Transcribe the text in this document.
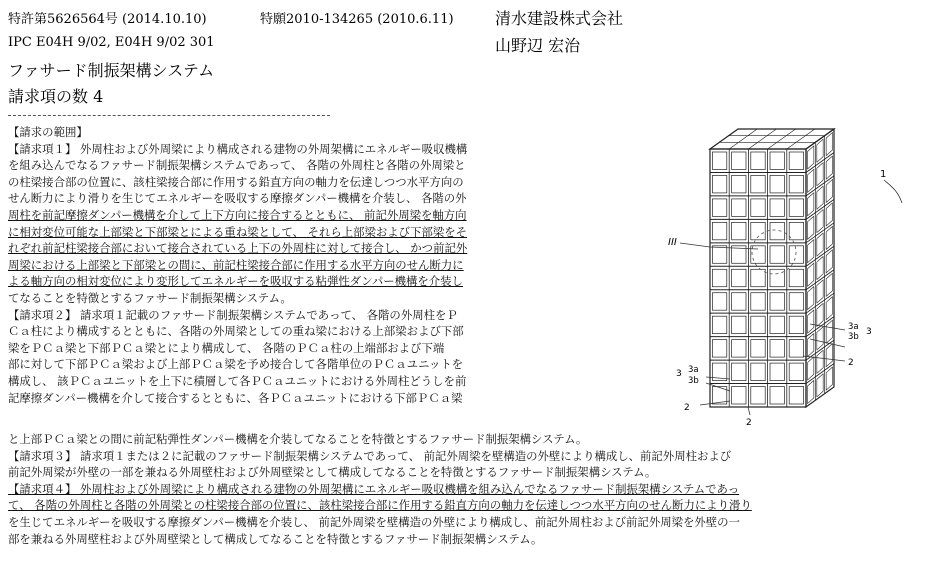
特許第5626564号 (2014.10.10)	特願2010-134265 (2010.6.11)	清水建設株式会社
IPC E04H 9/02, E04H 9/02 301	山野辺 宏治
ファサード制振架構システム
請求項の数 4
【請求の範囲】
【請求項１】 外周柱および外周梁により構成される建物の外周架構にエネルギー吸収機構
を組み込んでなるファサード制振架構システムであって、 各階の外周柱と各階の外周梁と
の柱梁接合部の位置に、該柱梁接合部に作用する鉛直方向の軸力を伝達しつつ水平方向の
せん断力により滑りを生じてエネルギーを吸収する摩擦ダンパー機構を介装し、 各階の外
周柱を前記摩擦ダンパー機構を介して上下方向に接合するとともに、 前記外周梁を軸方向
に相対変位可能な上部梁と下部梁とによる重ね梁として、 それら上部梁および下部梁をそ
れぞれ前記柱梁接合部において接合されている上下の外周柱に対して接合し、 かつ前記外
周梁における上部梁と下部梁との間に、前記柱梁接合部に作用する水平方向のせん断力に
よる軸方向の相対変位により変形してエネルギーを吸収する粘弾性ダンパー機構を介装し
てなることを特徴とするファサード制振架構システム。
【請求項２】 請求項１記載のファサード制振架構システムであって、 各階の外周柱をＰ
Ｃａ柱により構成するとともに、各階の外周梁としての重ね梁における上部梁および下部
梁をＰＣａ梁と下部ＰＣａ梁とにより構成して、 各階のＰＣａ柱の上端部および下端
部に対して下部ＰＣａ梁および上部ＰＣａ梁を予め接合して各階単位のＰＣａユニットを
構成し、 該ＰＣａユニットを上下に積層して各ＰＣａユニットにおける外周柱どうしを前
記摩擦ダンパー機構を介して接合するとともに、各ＰＣａユニットにおける下部ＰＣａ梁
と上部ＰＣａ梁との間に前記粘弾性ダンパー機構を介装してなることを特徴とするファサード制振架構システム。
【請求項３】 請求項１または２に記載のファサード制振架構システムであって、 前記外周梁を壁構造の外壁により構成し、前記外周柱および
前記外周梁が外壁の一部を兼ねる外周壁柱および外周壁梁として構成してなることを特徴とするファサード制振架構システム。
【請求項４】 外周柱および外周梁により構成される建物の外周架構にエネルギー吸収機構を組み込んでなるファサード制振架構システムであっ
て、 各階の外周柱と各階の外周梁との柱梁接合部の位置に、該柱梁接合部に作用する鉛直方向の軸力を伝達しつつ水平方向のせん断力により滑り
を生じてエネルギーを吸収する摩擦ダンパー機構を介装し、 前記外周梁を壁構造の外壁により構成し、前記外周柱および前記外周梁を外壁の一
部を兼ねる外周壁柱および外周壁梁として構成してなることを特徴とするファサード制振架構システム。
1
III
3a
3b 3
2
3 3a
3b
2
2
